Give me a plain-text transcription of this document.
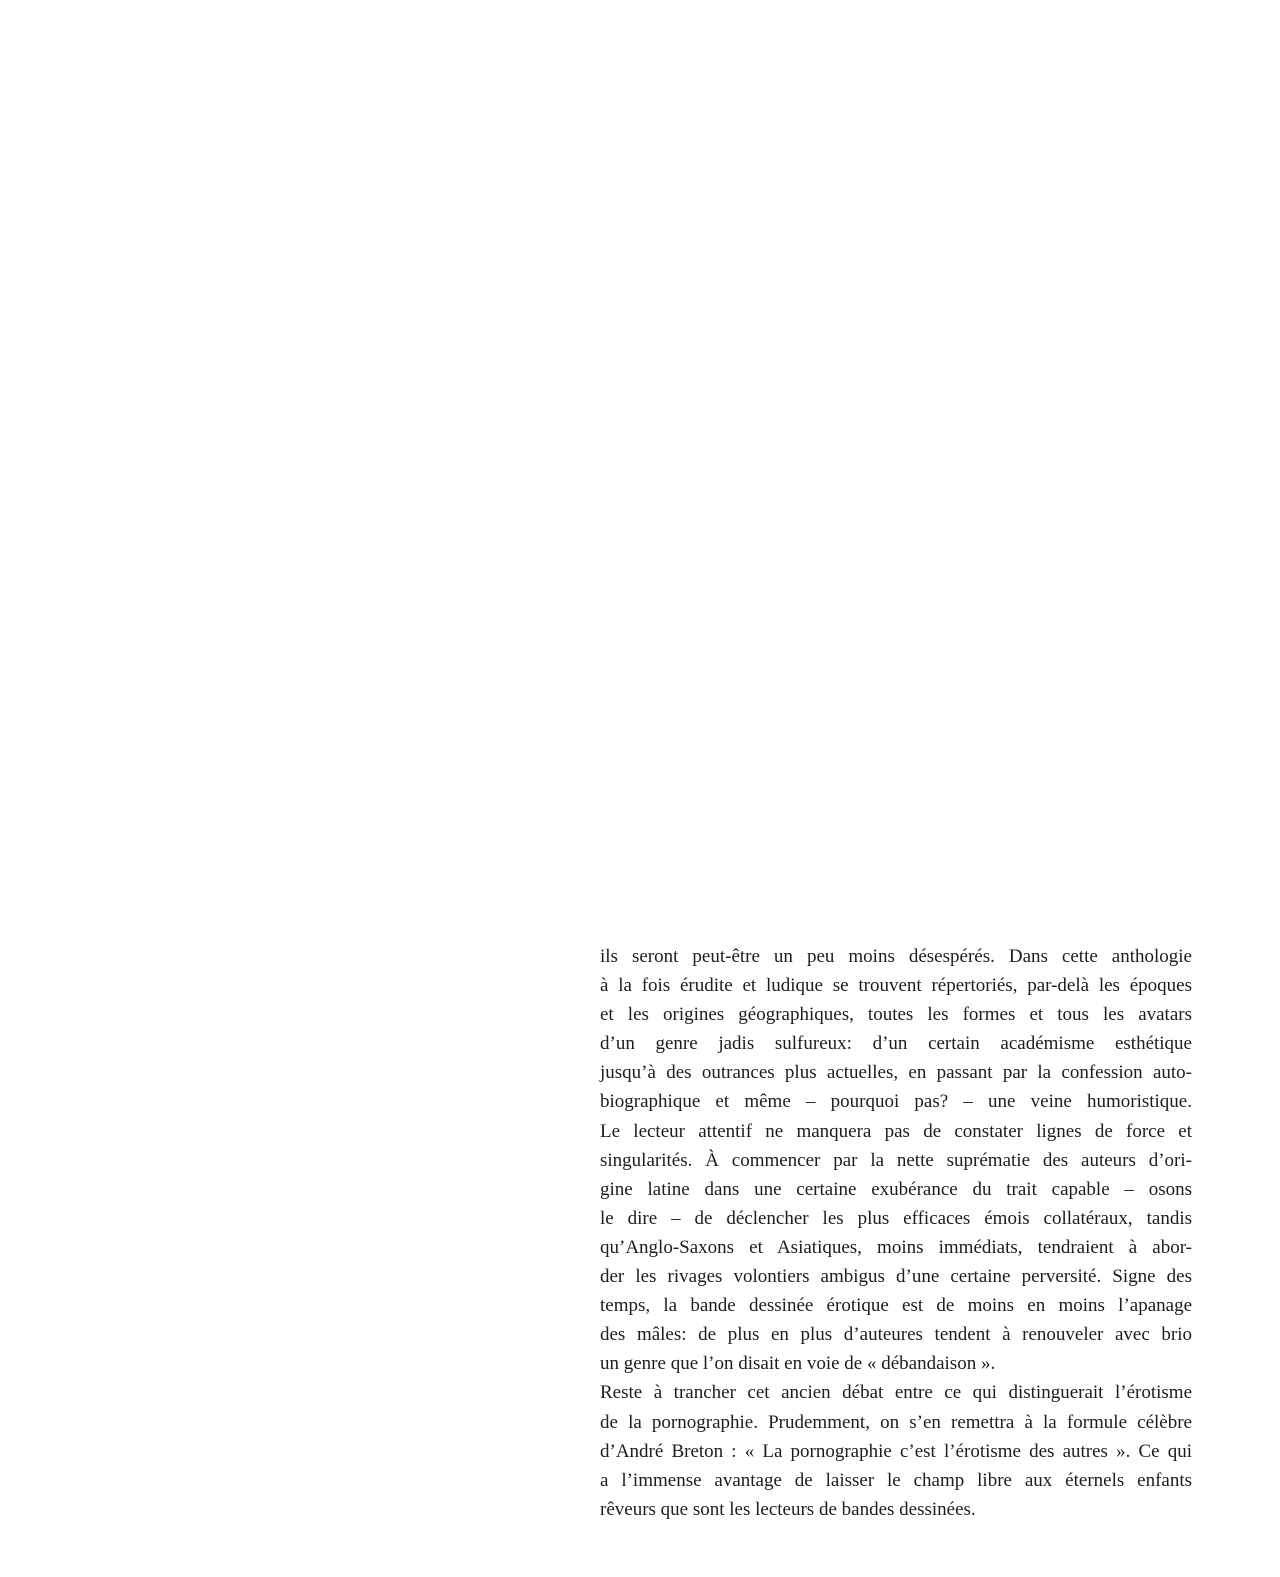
ils seront peut-être un peu moins désespérés. Dans cette anthologie
à la fois érudite et ludique se trouvent répertoriés, par-delà les époques
et les origines géographiques, toutes les formes et tous les avatars
d’un genre jadis sulfureux: d’un certain académisme esthétique
jusqu’à des outrances plus actuelles, en passant par la confession auto-
biographique et même – pourquoi pas? – une veine humoristique.
Le lecteur attentif ne manquera pas de constater lignes de force et
singularités. À commencer par la nette suprématie des auteurs d’ori-
gine latine dans une certaine exubérance du trait capable – osons
le dire – de déclencher les plus efficaces émois collatéraux, tandis
qu’Anglo-Saxons et Asiatiques, moins immédiats, tendraient à abor-
der les rivages volontiers ambigus d’une certaine perversité. Signe des
temps, la bande dessinée érotique est de moins en moins l’apanage
des mâles: de plus en plus d’auteures tendent à renouveler avec brio
un genre que l’on disait en voie de « débandaison ».
Reste à trancher cet ancien débat entre ce qui distinguerait l’érotisme
de la pornographie. Prudemment, on s’en remettra à la formule célèbre
d’André Breton : « La pornographie c’est l’érotisme des autres ». Ce qui
a l’immense avantage de laisser le champ libre aux éternels enfants
rêveurs que sont les lecteurs de bandes dessinées.
